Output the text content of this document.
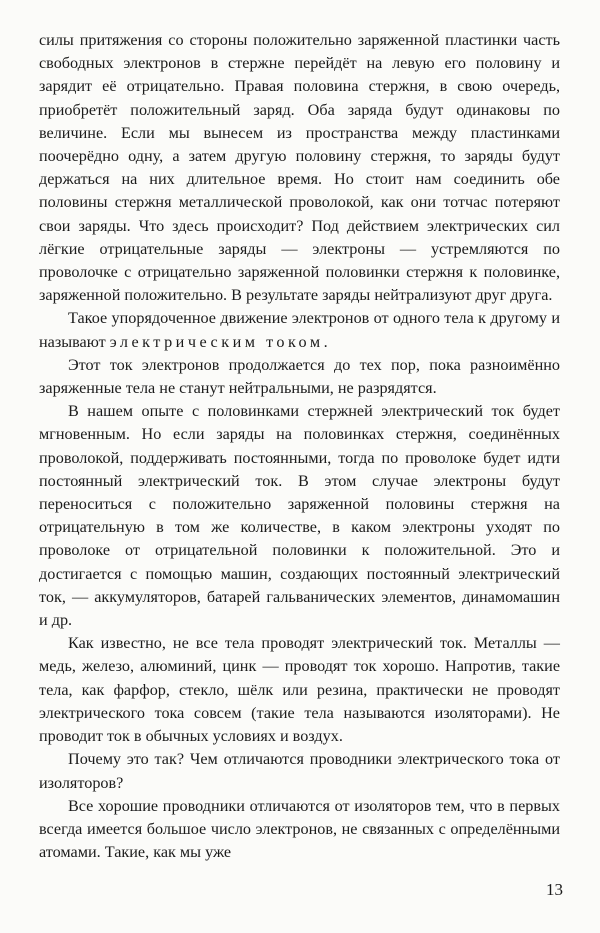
силы притяжения со стороны положительно заряженной пластинки часть свободных электронов в стержне перейдёт на левую его половину и зарядит её отрицательно. Правая половина стержня, в свою очередь, приобретёт положительный заряд. Оба заряда будут одинаковы по величине. Если мы вынесем из пространства между пластинками поочерёдно одну, а затем другую половину стержня, то заряды будут держаться на них длительное время. Но стоит нам соединить обе половины стержня металлической проволокой, как они тотчас потеряют свои заряды. Что здесь происходит? Под действием электрических сил лёгкие отрицательные заряды — электроны — устремляются по проволочке с отрицательно заряженной половинки стержня к половинке, заряженной положительно. В результате заряды нейтрализуют друг друга.

Такое упорядоченное движение электронов от одного тела к другому и называют электрическим током.

Этот ток электронов продолжается до тех пор, пока разноимённо заряженные тела не станут нейтральными, не разрядятся.

В нашем опыте с половинками стержней электрический ток будет мгновенным. Но если заряды на половинках стержня, соединённых проволокой, поддерживать постоянными, тогда по проволоке будет идти постоянный электрический ток. В этом случае электроны будут переноситься с положительно заряженной половины стержня на отрицательную в том же количестве, в каком электроны уходят по проволоке от отрицательной половинки к положительной. Это и достигается с помощью машин, создающих постоянный электрический ток, — аккумуляторов, батарей гальванических элементов, динамомашин и др.

Как известно, не все тела проводят электрический ток. Металлы — медь, железо, алюминий, цинк — проводят ток хорошо. Напротив, такие тела, как фарфор, стекло, шёлк или резина, практически не проводят электрического тока совсем (такие тела называются изоляторами). Не проводит ток в обычных условиях и воздух.

Почему это так? Чем отличаются проводники электрического тока от изоляторов?

Все хорошие проводники отличаются от изоляторов тем, что в первых всегда имеется большое число электронов, не связанных с определёнными атомами. Такие, как мы уже

13
